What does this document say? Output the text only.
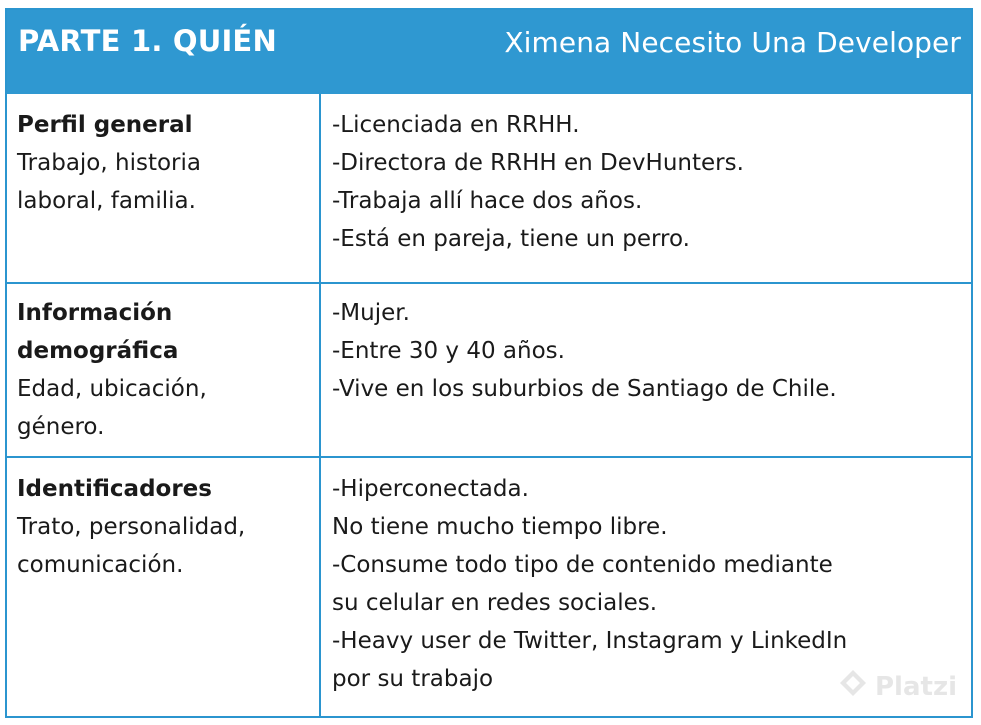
PARTE 1. QUIÉN	Ximena Necesito Una Developer
Perfil general
Trabajo, historia
laboral, familia.
-Licenciada en RRHH.
-Directora de RRHH en DevHunters.
-Trabaja allí hace dos años.
-Está en pareja, tiene un perro.
Información
demográfica
Edad, ubicación,
género.
-Mujer.
-Entre 30 y 40 años.
-Vive en los suburbios de Santiago de Chile.
Identificadores
Trato, personalidad,
comunicación.
-Hiperconectada.
No tiene mucho tiempo libre.
-Consume todo tipo de contenido mediante
su celular en redes sociales.
-Heavy user de Twitter, Instagram y LinkedIn
por su trabajo	Platzi
